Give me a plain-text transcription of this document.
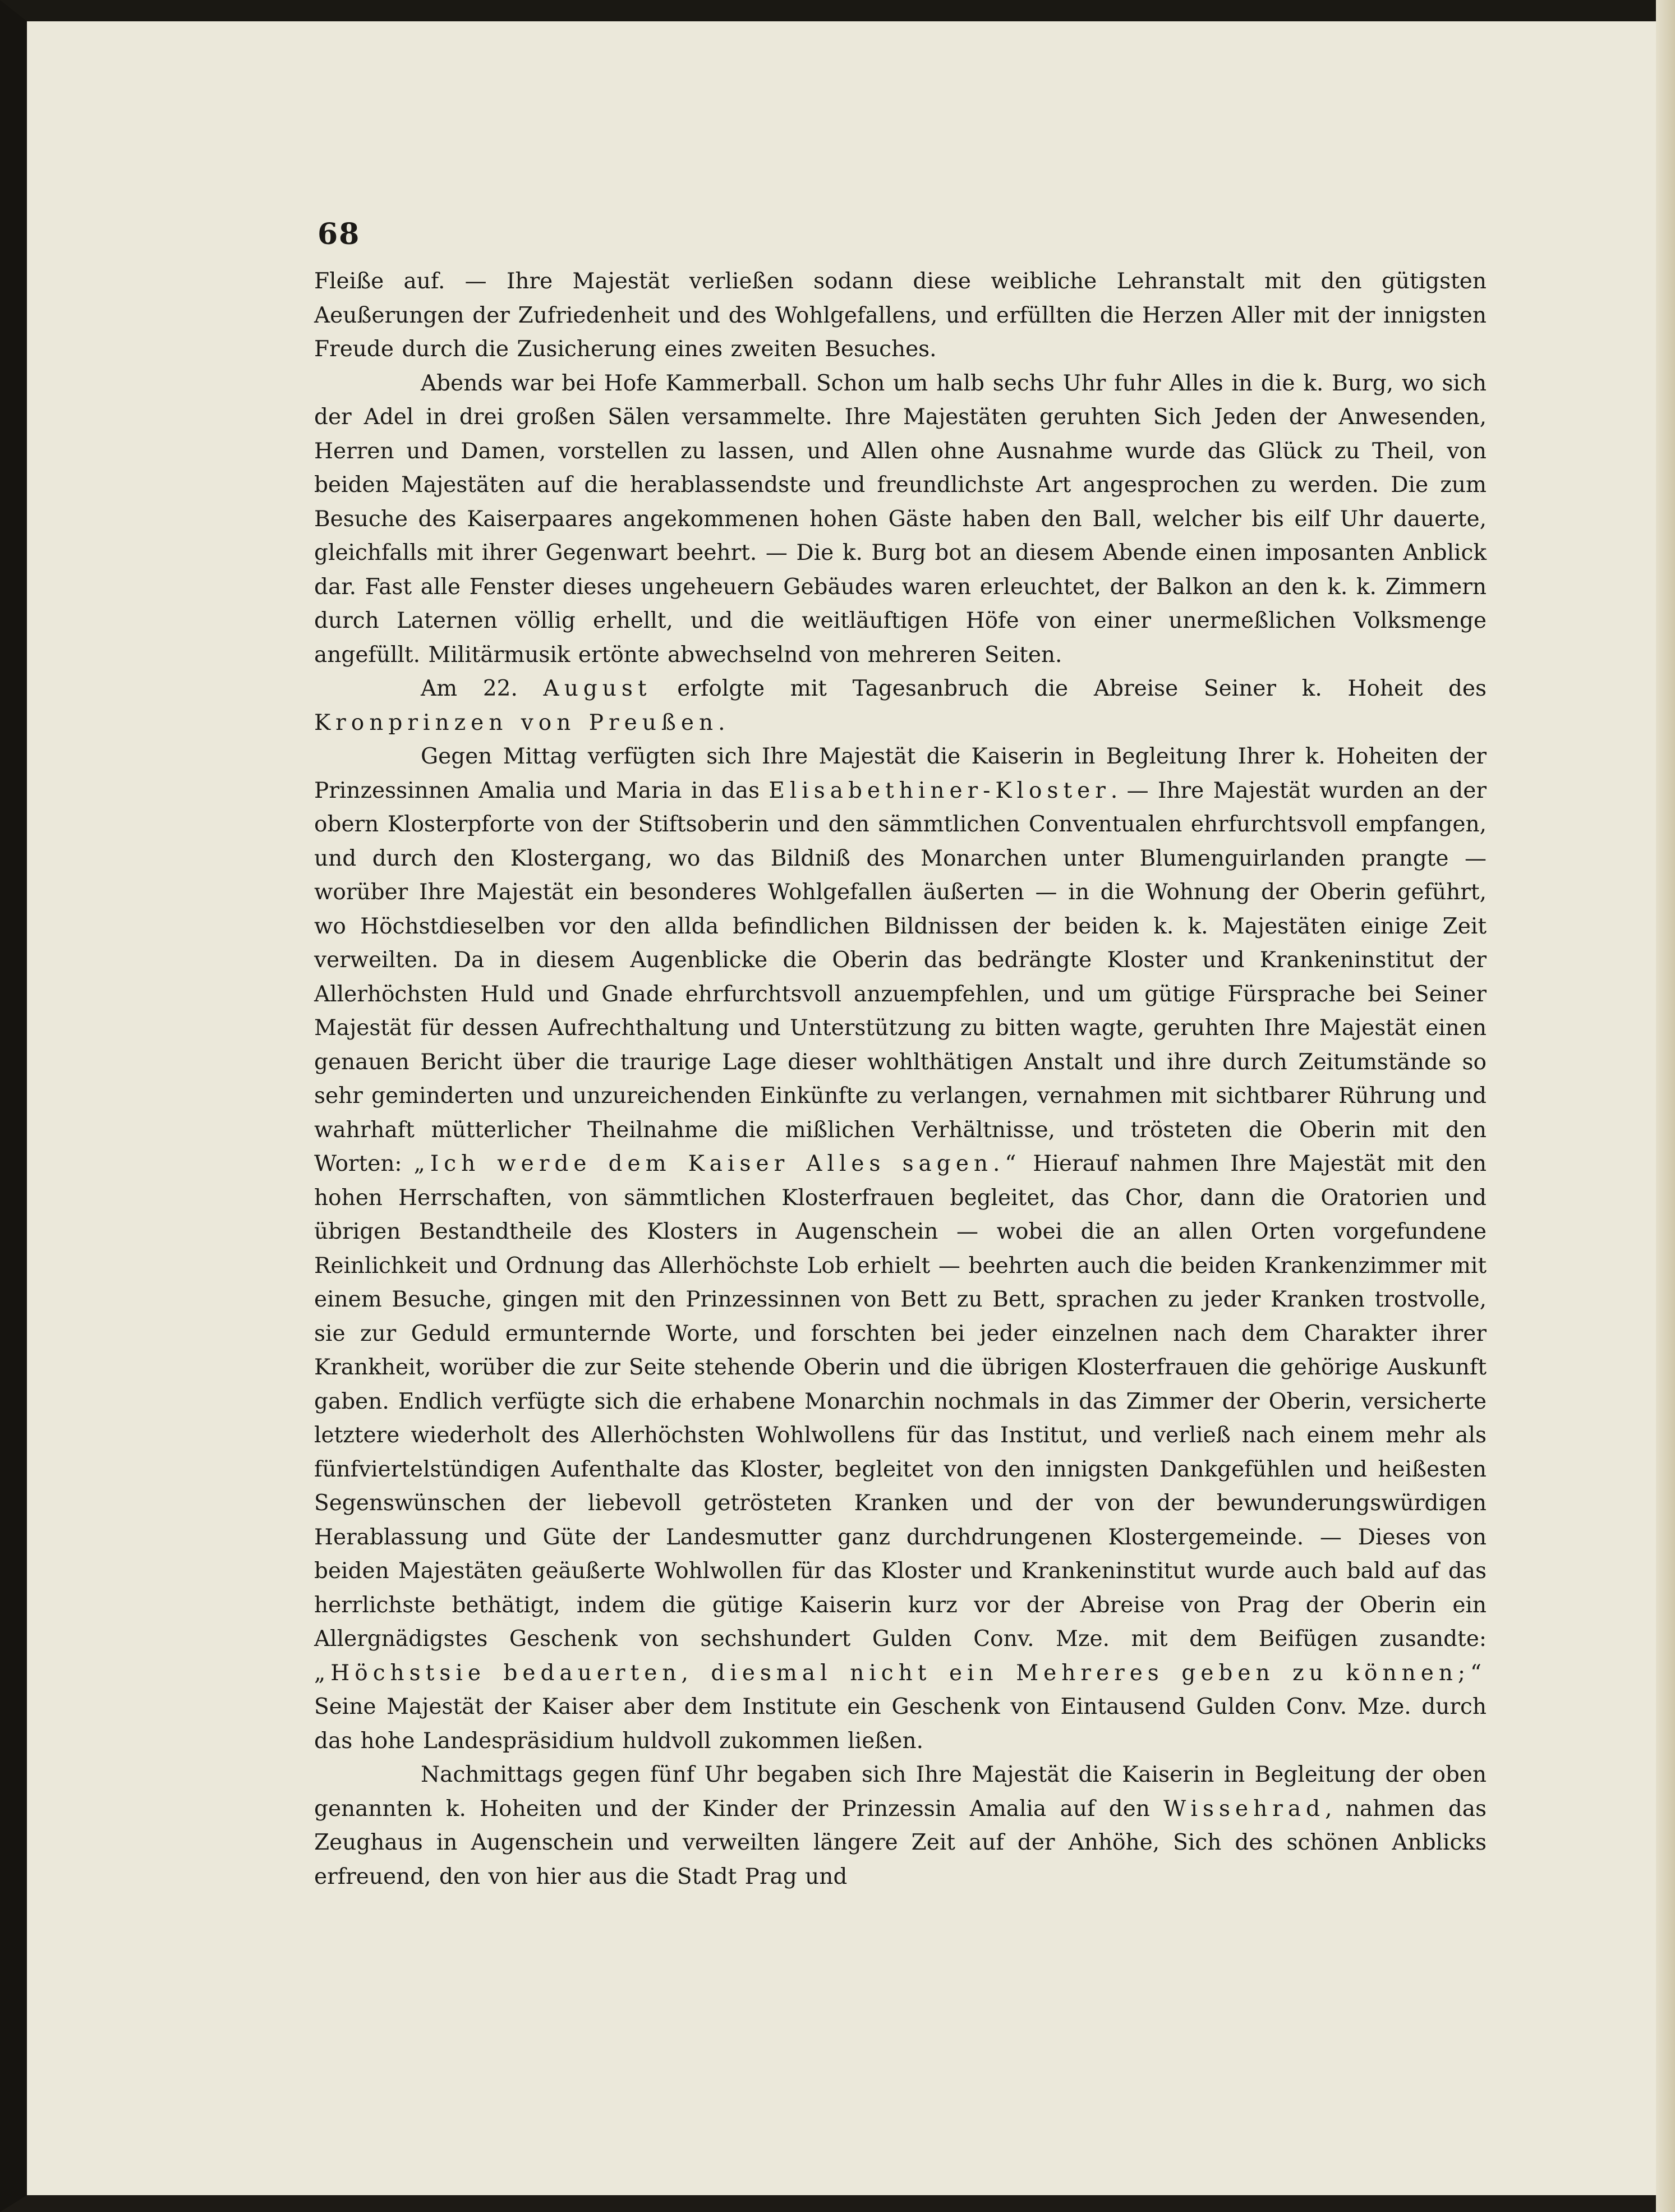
68

Fleiße auf. — Ihre Majestät verließen sodann diese weibliche Lehranstalt mit den gütigsten Aeußerungen der Zufriedenheit und des Wohlgefallens, und erfüllten die Herzen Aller mit der innigsten Freude durch die Zusicherung eines zweiten Besuches.

Abends war bei Hofe Kammerball. Schon um halb sechs Uhr fuhr Alles in die k. Burg, wo sich der Adel in drei großen Sälen versammelte. Ihre Majestäten geruhten Sich Jeden der Anwesenden, Herren und Damen, vorstellen zu lassen, und Allen ohne Ausnahme wurde das Glück zu Theil, von beiden Majestäten auf die herablassendste und freundlichste Art angesprochen zu werden. Die zum Besuche des Kaiserpaares angekommenen hohen Gäste haben den Ball, welcher bis eilf Uhr dauerte, gleichfalls mit ihrer Gegenwart beehrt. — Die k. Burg bot an diesem Abende einen imposanten Anblick dar. Fast alle Fenster dieses ungeheuern Gebäudes waren erleuchtet, der Balkon an den k. k. Zimmern durch Laternen völlig erhellt, und die weitläuftigen Höfe von einer unermeßlichen Volksmenge angefüllt. Militärmusik ertönte abwechselnd von mehreren Seiten.

Am 22. August erfolgte mit Tagesanbruch die Abreise Seiner k. Hoheit des Kronprinzen von Preußen.

Gegen Mittag verfügten sich Ihre Majestät die Kaiserin in Begleitung Ihrer k. Hoheiten der Prinzessinnen Amalia und Maria in das Elisabethiner-Kloster. — Ihre Majestät wurden an der obern Klosterpforte von der Stiftsoberin und den sämmtlichen Conventualen ehrfurchtsvoll empfangen, und durch den Klostergang, wo das Bildniß des Monarchen unter Blumenguirlanden prangte — worüber Ihre Majestät ein besonderes Wohlgefallen äußerten — in die Wohnung der Oberin geführt, wo Höchstdieselben vor den allda befindlichen Bildnissen der beiden k. k. Majestäten einige Zeit verweilten. Da in diesem Augenblicke die Oberin das bedrängte Kloster und Krankeninstitut der Allerhöchsten Huld und Gnade ehrfurchtsvoll anzuempfehlen, und um gütige Fürsprache bei Seiner Majestät für dessen Aufrechthaltung und Unterstützung zu bitten wagte, geruhten Ihre Majestät einen genauen Bericht über die traurige Lage dieser wohlthätigen Anstalt und ihre durch Zeitumstände so sehr geminderten und unzureichenden Einkünfte zu verlangen, vernahmen mit sichtbarer Rührung und wahrhaft mütterlicher Theilnahme die mißlichen Verhältnisse, und trösteten die Oberin mit den Worten: „Ich werde dem Kaiser Alles sagen.“ Hierauf nahmen Ihre Majestät mit den hohen Herrschaften, von sämmtlichen Klosterfrauen begleitet, das Chor, dann die Oratorien und übrigen Bestandtheile des Klosters in Augenschein — wobei die an allen Orten vorgefundene Reinlichkeit und Ordnung das Allerhöchste Lob erhielt — beehrten auch die beiden Krankenzimmer mit einem Besuche, gingen mit den Prinzessinnen von Bett zu Bett, sprachen zu jeder Kranken trostvolle, sie zur Geduld ermunternde Worte, und forschten bei jeder einzelnen nach dem Charakter ihrer Krankheit, worüber die zur Seite stehende Oberin und die übrigen Klosterfrauen die gehörige Auskunft gaben. Endlich verfügte sich die erhabene Monarchin nochmals in das Zimmer der Oberin, versicherte letztere wiederholt des Allerhöchsten Wohlwollens für das Institut, und verließ nach einem mehr als fünfviertelstündigen Aufenthalte das Kloster, begleitet von den innigsten Dankgefühlen und heißesten Segenswünschen der liebevoll getrösteten Kranken und der von der bewunderungswürdigen Herablassung und Güte der Landesmutter ganz durchdrungenen Klostergemeinde. — Dieses von beiden Majestäten geäußerte Wohlwollen für das Kloster und Krankeninstitut wurde auch bald auf das herrlichste bethätigt, indem die gütige Kaiserin kurz vor der Abreise von Prag der Oberin ein Allergnädigstes Geschenk von sechshundert Gulden Conv. Mze. mit dem Beifügen zusandte: „Höchstsie bedauerten, diesmal nicht ein Mehreres geben zu können;“ Seine Majestät der Kaiser aber dem Institute ein Geschenk von Eintausend Gulden Conv. Mze. durch das hohe Landespräsidium huldvoll zukommen ließen.

Nachmittags gegen fünf Uhr begaben sich Ihre Majestät die Kaiserin in Begleitung der oben genannten k. Hoheiten und der Kinder der Prinzessin Amalia auf den Wissehrad, nahmen das Zeughaus in Augenschein und verweilten längere Zeit auf der Anhöhe, Sich des schönen Anblicks erfreuend, den von hier aus die Stadt Prag und
